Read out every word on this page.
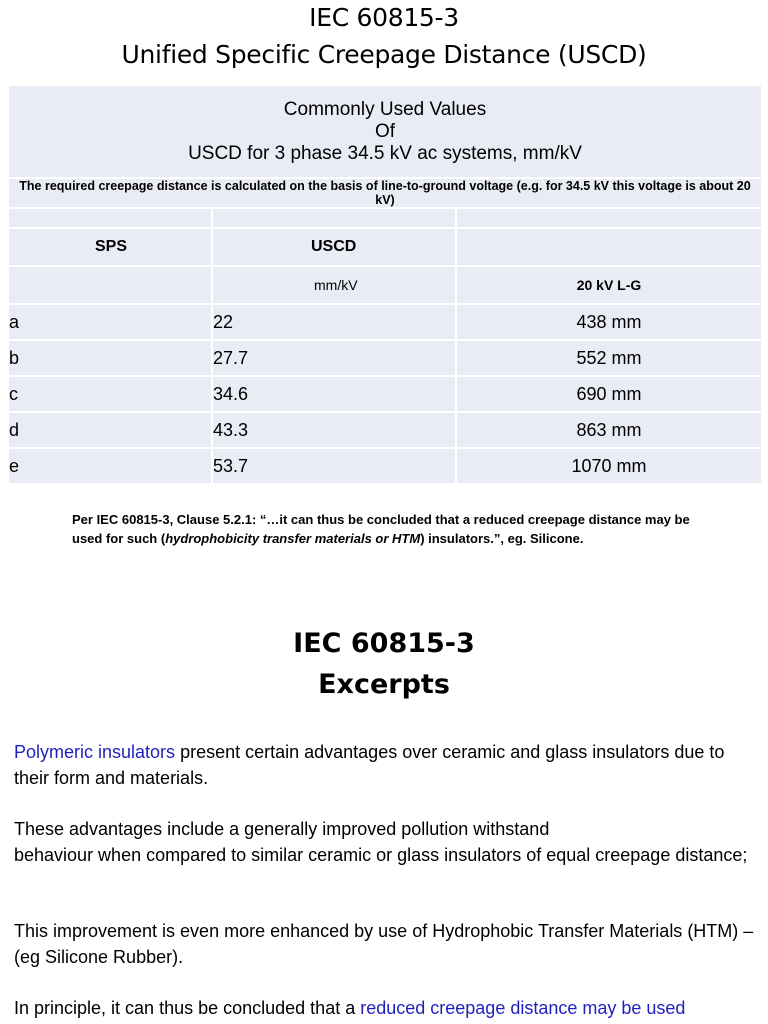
IEC 60815-3
Unified Specific Creepage Distance (USCD)
Commonly Used Values
Of
USCD for 3 phase 34.5 kV ac systems, mm/kV		

The required creepage distance is calculated on the basis of line-to-ground voltage (e.g. for 34.5 kV this voltage is about 20 kV)		

SPS	USCD	
	mm/kV	20 kV L-G
a	22	438 mm
b	27.7	552 mm
c	34.6	690 mm
d	43.3	863 mm
e	53.7	1070 mm
Per IEC 60815-3, Clause 5.2.1: “…it can thus be concluded that a reduced creepage distance may be used for such (hydrophobicity transfer materials or HTM) insulators.”, eg. Silicone.
IEC 60815-3
Excerpts
Polymeric insulators present certain advantages over ceramic and glass insulators due to their form and materials.
These advantages include a generally improved pollution withstand
behaviour when compared to similar ceramic or glass insulators of equal creepage distance;
This improvement is even more enhanced by use of Hydrophobic Transfer Materials (HTM) – (eg Silicone Rubber).
In principle, it can thus be concluded that a reduced creepage distance may be used
